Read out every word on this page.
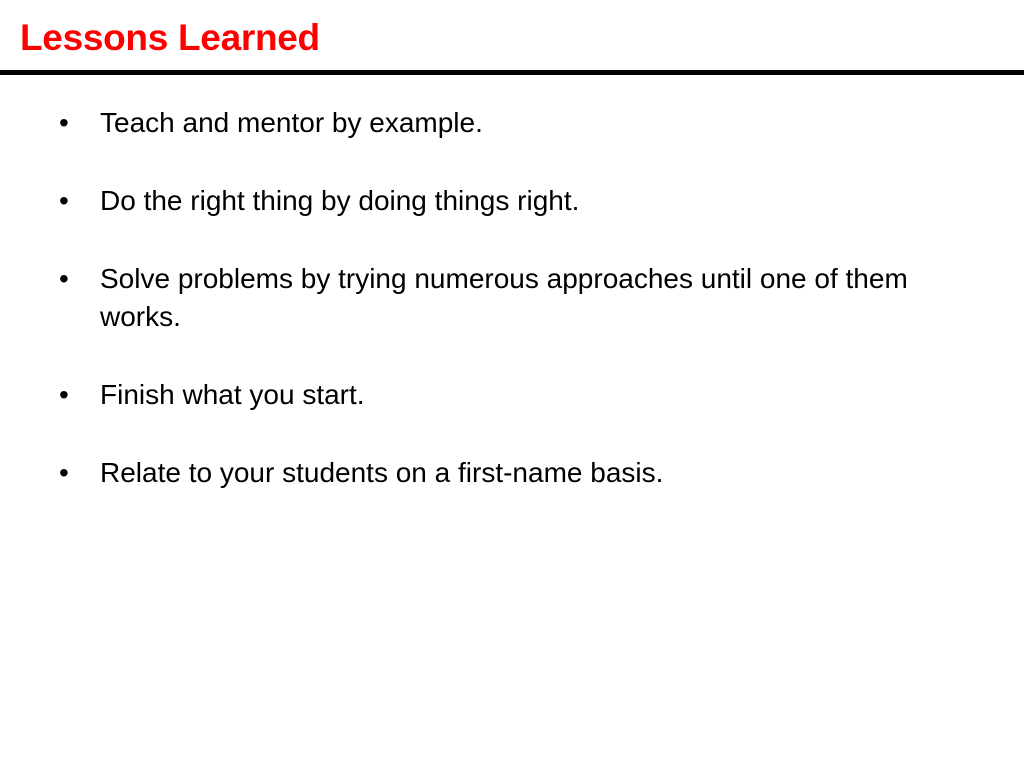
Lessons Learned
•	Teach and mentor by example.
•	Do the right thing by doing things right.
•	Solve problems by trying numerous approaches until one of them works.
•	Finish what you start.
•	Relate to your students on a first-name basis.
